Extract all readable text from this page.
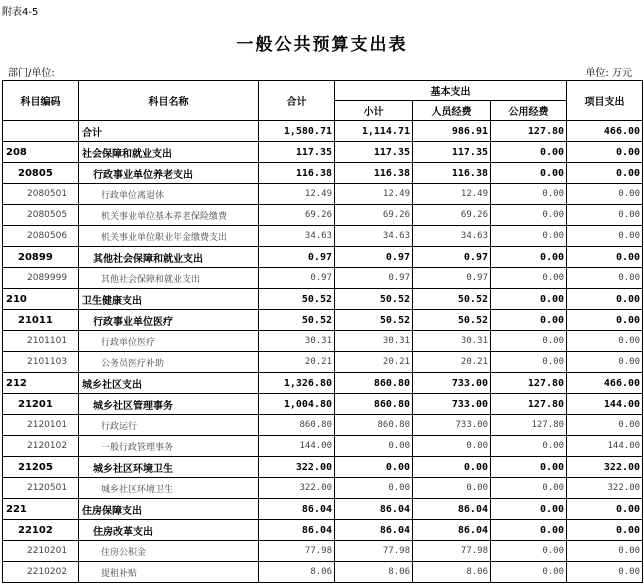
附表4-5
一般公共预算支出表
部门/单位:	单位: 万元
科目编码	科目名称	合计	基本支出			项目支出
			小计	人员经费	公用经费	
	合计	1,580.71	1,114.71	986.91	127.80	466.00
208	社会保障和就业支出	117.35	117.35	117.35	0.00	0.00
20805	行政事业单位养老支出	116.38	116.38	116.38	0.00	0.00
2080501	行政单位离退休	12.49	12.49	12.49	0.00	0.00
2080505	机关事业单位基本养老保险缴费	69.26	69.26	69.26	0.00	0.00
2080506	机关事业单位职业年金缴费支出	34.63	34.63	34.63	0.00	0.00
20899	其他社会保障和就业支出	0.97	0.97	0.97	0.00	0.00
2089999	其他社会保障和就业支出	0.97	0.97	0.97	0.00	0.00
210	卫生健康支出	50.52	50.52	50.52	0.00	0.00
21011	行政事业单位医疗	50.52	50.52	50.52	0.00	0.00
2101101	行政单位医疗	30.31	30.31	30.31	0.00	0.00
2101103	公务员医疗补助	20.21	20.21	20.21	0.00	0.00
212	城乡社区支出	1,326.80	860.80	733.00	127.80	466.00
21201	城乡社区管理事务	1,004.80	860.80	733.00	127.80	144.00
2120101	行政运行	860.80	860.80	733.00	127.80	0.00
2120102	一般行政管理事务	144.00	0.00	0.00	0.00	144.00
21205	城乡社区环境卫生	322.00	0.00	0.00	0.00	322.00
2120501	城乡社区环境卫生	322.00	0.00	0.00	0.00	322.00
221	住房保障支出	86.04	86.04	86.04	0.00	0.00
22102	住房改革支出	86.04	86.04	86.04	0.00	0.00
2210201	住房公积金	77.98	77.98	77.98	0.00	0.00
2210202	提租补贴	8.06	8.06	8.06	0.00	0.00
